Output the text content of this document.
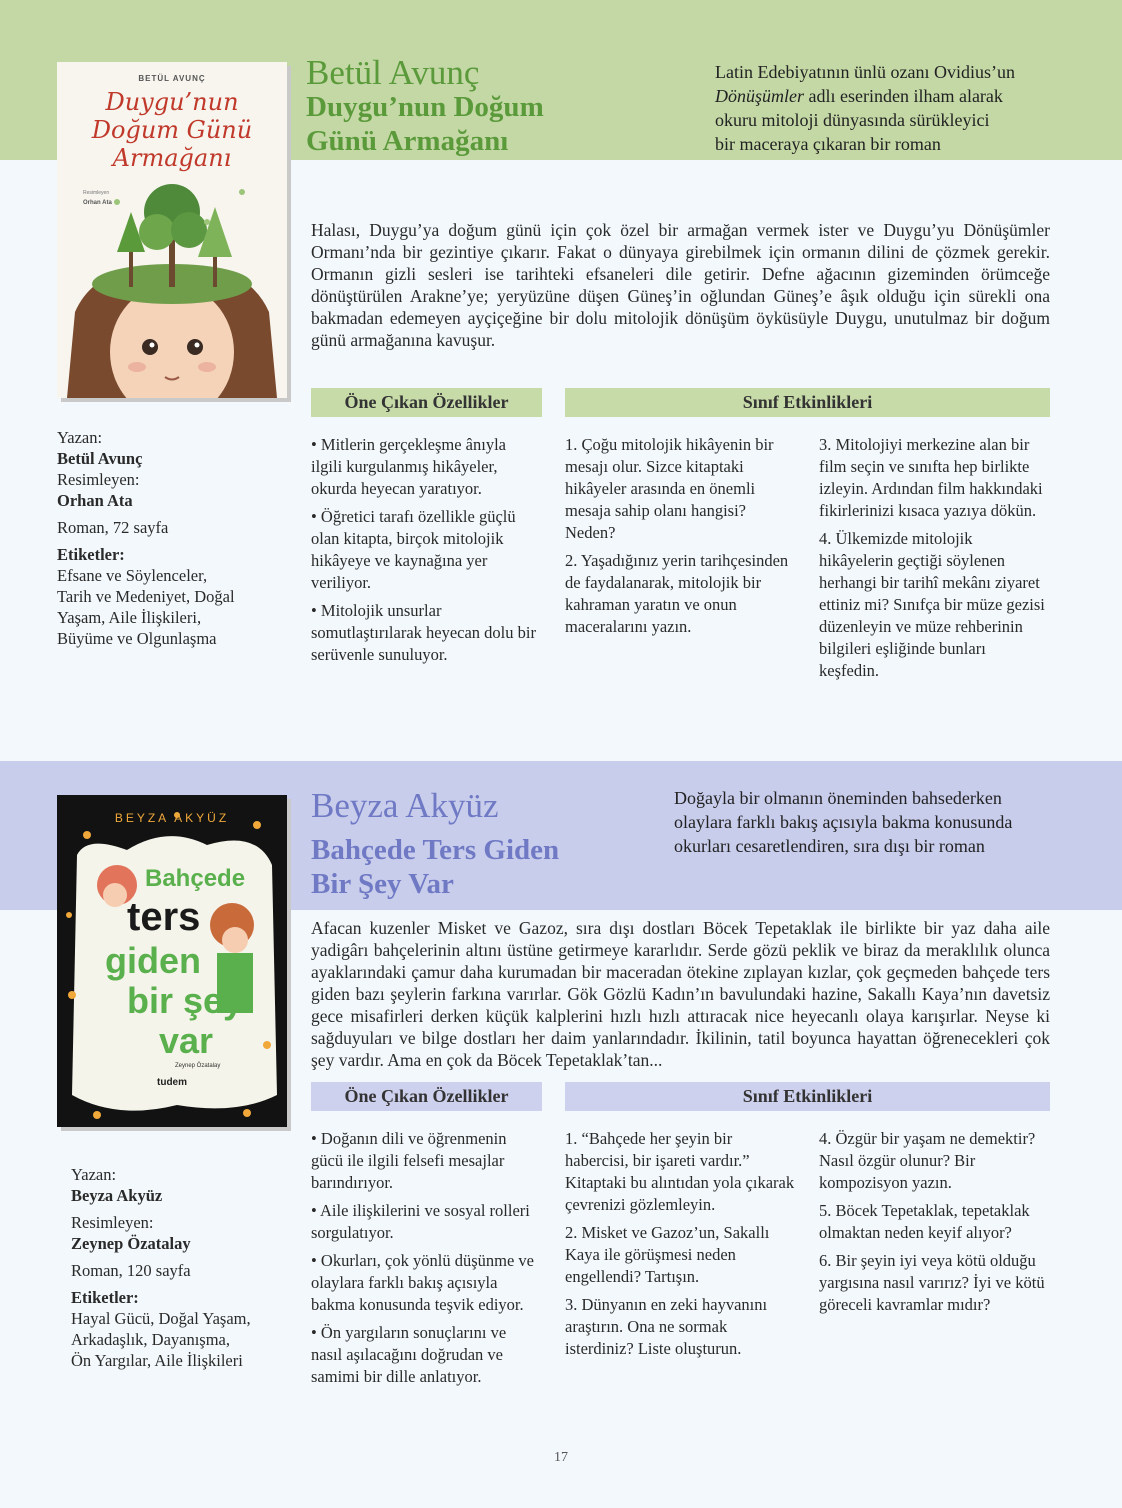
BETÜL AVUNÇ
Duygu’nun
Doğum Günü
Armağanı
Resimleyen
Orhan Ata
Betül Avunç
Duygu’nun Doğum
Günü Armağanı
Latin Edebiyatının ünlü ozanı Ovidius’un
Dönüşümler adlı eserinden ilham alarak
okuru mitoloji dünyasında sürükleyici
bir maceraya çıkaran bir roman
Halası, Duygu’ya doğum günü için çok özel bir armağan vermek ister ve Duygu’yu Dönüşümler Ormanı’nda bir gezintiye çıkarır. Fakat o dünyaya girebilmek için ormanın dilini de çözmek gerekir. Ormanın gizli sesleri ise tarihteki efsaneleri dile getirir. Defne ağacının gizeminden örümceğe dönüştürülen Arakne’ye; yeryüzüne düşen Güneş’in oğlundan Güneş’e âşık olduğu için sürekli ona bakmadan edemeyen ayçiçeğine bir dolu mitolojik dönüşüm öyküsüyle Duygu, unutulmaz bir doğum günü armağanına kavuşur.
Yazan:
Betül Avunç
Resimleyen:
Orhan Ata
Roman, 72 sayfa
Etiketler:
Efsane ve Söylenceler,
Tarih ve Medeniyet, Doğal
Yaşam, Aile İlişkileri,
Büyüme ve Olgunlaşma
Öne Çıkan Özellikler	Sınıf Etkinlikleri

• Mitlerin gerçekleşme ânıyla ilgili kurgulanmış hikâyeler, okurda heyecan yaratıyor.

• Öğretici tarafı özellikle güçlü olan kitapta, birçok mitolojik hikâyeye ve kaynağına yer veriliyor.

• Mitolojik unsurlar somutlaştırılarak heyecan dolu bir serüvenle sunuluyor.

1. Çoğu mitolojik hikâyenin bir mesajı olur. Sizce kitaptaki hikâyeler arasında en önemli mesaja sahip olanı hangisi? Neden?

2. Yaşadığınız yerin tarihçesinden de faydalanarak, mitolojik bir kahraman yaratın ve onun maceralarını yazın.

3. Mitolojiyi merkezine alan bir film seçin ve sınıfta hep birlikte izleyin. Ardından film hakkındaki fikirlerinizi kısaca yazıya dökün.

4. Ülkemizde mitolojik hikâyelerin geçtiği söylenen herhangi bir tarihî mekânı ziyaret ettiniz mi? Sınıfça bir müze gezisi düzenleyin ve müze rehberinin bilgileri eşliğinde bunları keşfedin.

BEYZA AKYÜZ
Bahçede
ters
giden
bir şey
var
Zeynep Özatalay
tudem
Beyza Akyüz
Bahçede Ters Giden
Bir Şey Var
Doğayla bir olmanın öneminden bahsederken
olaylara farklı bakış açısıyla bakma konusunda
okurları cesaretlendiren, sıra dışı bir roman
Afacan kuzenler Misket ve Gazoz, sıra dışı dostları Böcek Tepetaklak ile birlikte bir yaz daha aile yadigârı bahçelerinin altını üstüne getirmeye kararlıdır. Serde gözü peklik ve biraz da meraklılık olunca ayaklarındaki çamur daha kurumadan bir maceradan ötekine zıplayan kızlar, çok geçmeden bahçede ters giden bazı şeylerin farkına varırlar. Gök Gözlü Kadın’ın bavulundaki hazine, Sakallı Kaya’nın davetsiz gece misafirleri derken küçük kalplerini hızlı hızlı attıracak nice heyecanlı olaya karışırlar. Neyse ki sağduyuları ve bilge dostları her daim yanlarındadır. İkilinin, tatil boyunca hayattan öğrenecekleri çok şey vardır. Ama en çok da Böcek Tepetaklak’tan...
Yazan:
Beyza Akyüz
Resimleyen:
Zeynep Özatalay
Roman, 120 sayfa
Etiketler:
Hayal Gücü, Doğal Yaşam,
Arkadaşlık, Dayanışma,
Ön Yargılar, Aile İlişkileri
Öne Çıkan Özellikler	Sınıf Etkinlikleri

• Doğanın dili ve öğrenmenin gücü ile ilgili felsefi mesajlar barındırıyor.

• Aile ilişkilerini ve sosyal rolleri sorgulatıyor.

• Okurları, çok yönlü düşünme ve olaylara farklı bakış açısıyla bakma konusunda teşvik ediyor.

• Ön yargıların sonuçlarını ve nasıl aşılacağını doğrudan ve samimi bir dille anlatıyor.

1. “Bahçede her şeyin bir habercisi, bir işareti vardır.” Kitaptaki bu alıntıdan yola çıkarak çevrenizi gözlemleyin.

2. Misket ve Gazoz’un, Sakallı Kaya ile görüşmesi neden engellendi? Tartışın.

3. Dünyanın en zeki hayvanını araştırın. Ona ne sormak isterdiniz? Liste oluşturun.

4. Özgür bir yaşam ne demektir? Nasıl özgür olunur? Bir kompozisyon yazın.

5. Böcek Tepetaklak, tepetaklak olmaktan neden keyif alıyor?

6. Bir şeyin iyi veya kötü olduğu yargısına nasıl varırız? İyi ve kötü göreceli kavramlar mıdır?

17
